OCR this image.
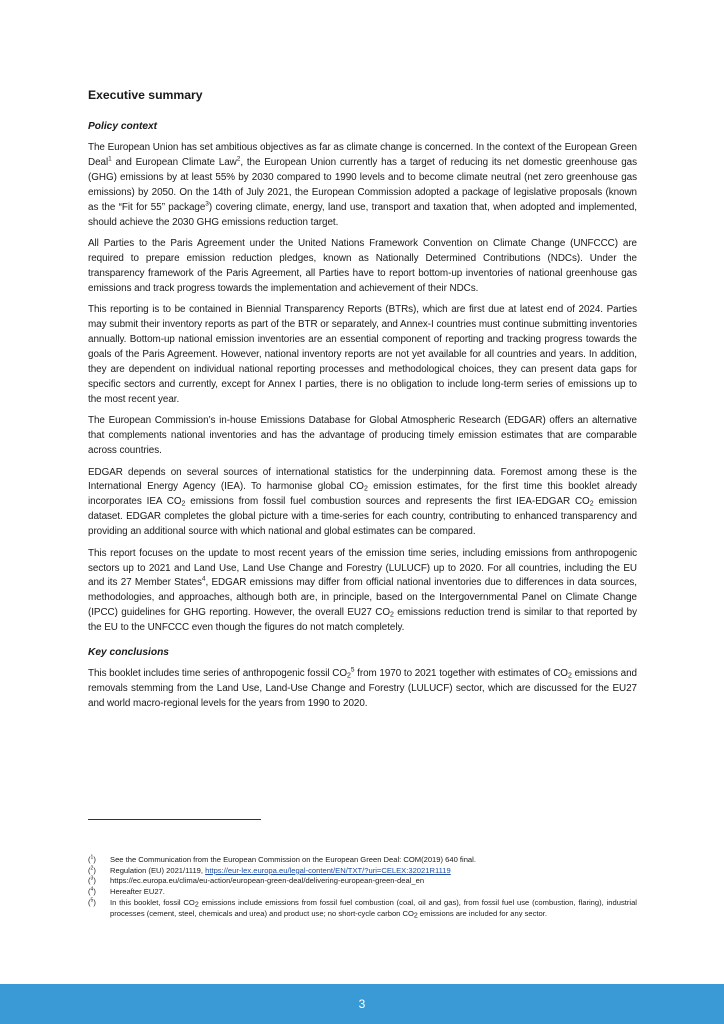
Executive summary
Policy context

The European Union has set ambitious objectives as far as climate change is concerned. In the context of the European Green Deal$^1$ and European Climate Law$^2$, the European Union currently has a target of reducing its net domestic greenhouse gas (GHG) emissions by at least 55% by 2030 compared to 1990 levels and to become climate neutral (net zero greenhouse gas emissions) by 2050. On the 14th of July 2021, the European Commission adopted a package of legislative proposals (known as the “Fit for 55” package$^3$) covering climate, energy, land use, transport and taxation that, when adopted and implemented, should achieve the 2030 GHG emissions reduction target.

All Parties to the Paris Agreement under the United Nations Framework Convention on Climate Change (UNFCCC) are required to prepare emission reduction pledges, known as Nationally Determined Contributions (NDCs). Under the transparency framework of the Paris Agreement, all Parties have to report bottom-up inventories of national greenhouse gas emissions and track progress towards the implementation and achievement of their NDCs.

This reporting is to be contained in Biennial Transparency Reports (BTRs), which are first due at latest end of 2024. Parties may submit their inventory reports as part of the BTR or separately, and Annex-I countries must continue submitting inventories annually. Bottom-up national emission inventories are an essential component of reporting and tracking progress towards the goals of the Paris Agreement. However, national inventory reports are not yet available for all countries and years. In addition, they are dependent on individual national reporting processes and methodological choices, they can present data gaps for specific sectors and currently, except for Annex I parties, there is no obligation to include long-term series of emissions up to the most recent year.

The European Commission’s in-house Emissions Database for Global Atmospheric Research (EDGAR) offers an alternative that complements national inventories and has the advantage of producing timely emission estimates that are comparable across countries.

EDGAR depends on several sources of international statistics for the underpinning data. Foremost among these is the International Energy Agency (IEA). To harmonise global $CO_2$ emission estimates, for the first time this booklet already incorporates IEA $CO_2$ emissions from fossil fuel combustion sources and represents the first IEA-EDGAR $CO_2$ emission dataset. EDGAR completes the global picture with a time-series for each country, contributing to enhanced transparency and providing an additional source with which national and global estimates can be compared.

This report focuses on the update to most recent years of the emission time series, including emissions from anthropogenic sectors up to 2021 and Land Use, Land Use Change and Forestry (LULUCF) up to 2020. For all countries, including the EU and its 27 Member States$^4$, EDGAR emissions may differ from official national inventories due to differences in data sources, methodologies, and approaches, although both are, in principle, based on the Intergovernmental Panel on Climate Change (IPCC) guidelines for GHG reporting. However, the overall EU27 $CO_2$ emissions reduction trend is similar to that reported by the EU to the UNFCCC even though the figures do not match completely.

Key conclusions

This booklet includes time series of anthropogenic fossil $CO_2^5$ from 1970 to 2021 together with estimates of $CO_2$ emissions and removals stemming from the Land Use, Land-Use Change and Forestry (LULUCF) sector, which are discussed for the EU27 and world macro-regional levels for the years from 1990 to 2020.

($^1$)	See the Communication from the European Commission on the European Green Deal: COM(2019) 640 final.
($^2$)	Regulation (EU) 2021/1119, https://eur-lex.europa.eu/legal-content/EN/TXT/?uri=CELEX:32021R1119
($^3$)	https://ec.europa.eu/clima/eu-action/european-green-deal/delivering-european-green-deal_en
($^4$)	Hereafter EU27.
($^5$)	In this booklet, fossil CO2 emissions include emissions from fossil fuel combustion (coal, oil and gas), from fossil fuel use (combustion, flaring), industrial processes (cement, steel, chemicals and urea) and product use; no short-cycle carbon CO2 emissions are included for any sector.
3
